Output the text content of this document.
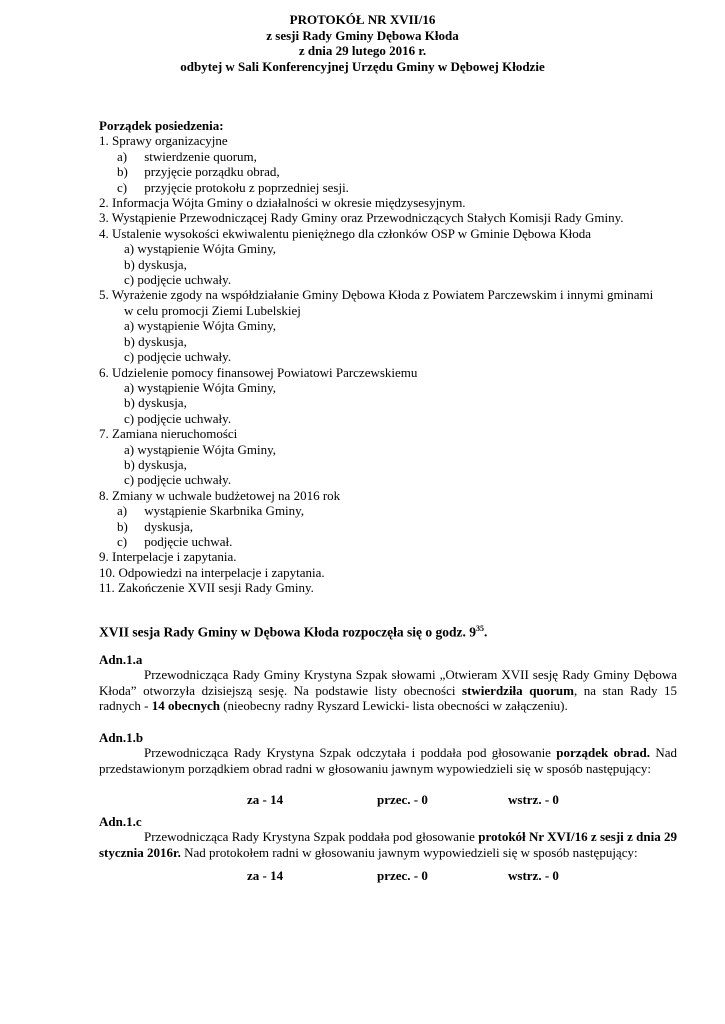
PROTOKÓŁ NR XVII/16
z sesji Rady Gminy Dębowa Kłoda
z dnia 29 lutego 2016 r.
odbytej w Sali Konferencyjnej Urzędu Gminy w Dębowej Kłodzie
Porządek posiedzenia:
1. Sprawy organizacyjne
a) stwierdzenie quorum,
b) przyjęcie porządku obrad,
c) przyjęcie protokołu z poprzedniej sesji.
2. Informacja Wójta Gminy o działalności w okresie międzysesyjnym.
3. Wystąpienie Przewodniczącej Rady Gminy oraz Przewodniczących Stałych Komisji Rady Gminy.
4. Ustalenie wysokości ekwiwalentu pieniężnego dla członków OSP w Gminie Dębowa Kłoda
a) wystąpienie Wójta Gminy,
b) dyskusja,
c) podjęcie uchwały.
5. Wyrażenie zgody na współdziałanie Gminy Dębowa Kłoda z Powiatem Parczewskim i innymi gminami
w celu promocji Ziemi Lubelskiej
a) wystąpienie Wójta Gminy,
b) dyskusja,
c) podjęcie uchwały.
6. Udzielenie pomocy finansowej Powiatowi Parczewskiemu
a) wystąpienie Wójta Gminy,
b) dyskusja,
c) podjęcie uchwały.
7. Zamiana nieruchomości
a) wystąpienie Wójta Gminy,
b) dyskusja,
c) podjęcie uchwały.
8. Zmiany w uchwale budżetowej na 2016 rok
a) wystąpienie Skarbnika Gminy,
b) dyskusja,
c) podjęcie uchwał.
9. Interpelacje i zapytania.
10. Odpowiedzi na interpelacje i zapytania.
11. Zakończenie XVII sesji Rady Gminy.
XVII sesja Rady Gminy w Dębowa Kłoda rozpoczęła się o godz. $9^{35}$.
Adn.1.a
Przewodnicząca Rady Gminy Krystyna Szpak słowami „Otwieram XVII sesję Rady Gminy Dębowa Kłoda” otworzyła dzisiejszą sesję. Na podstawie listy obecności stwierdziła quorum, na stan Rady 15 radnych - 14 obecnych (nieobecny radny Ryszard Lewicki- lista obecności w załączeniu).
Adn.1.b
Przewodnicząca Rady Krystyna Szpak odczytała i poddała pod głosowanie porządek obrad. Nad przedstawionym porządkiem obrad radni w głosowaniu jawnym wypowiedzieli się w sposób następujący:
za - 14	przec. - 0	wstrz. - 0
Adn.1.c
Przewodnicząca Rady Krystyna Szpak poddała pod głosowanie protokół Nr XVI/16 z sesji z dnia 29 stycznia 2016r. Nad protokołem radni w głosowaniu jawnym wypowiedzieli się w sposób następujący:
za - 14	przec. - 0	wstrz. - 0
